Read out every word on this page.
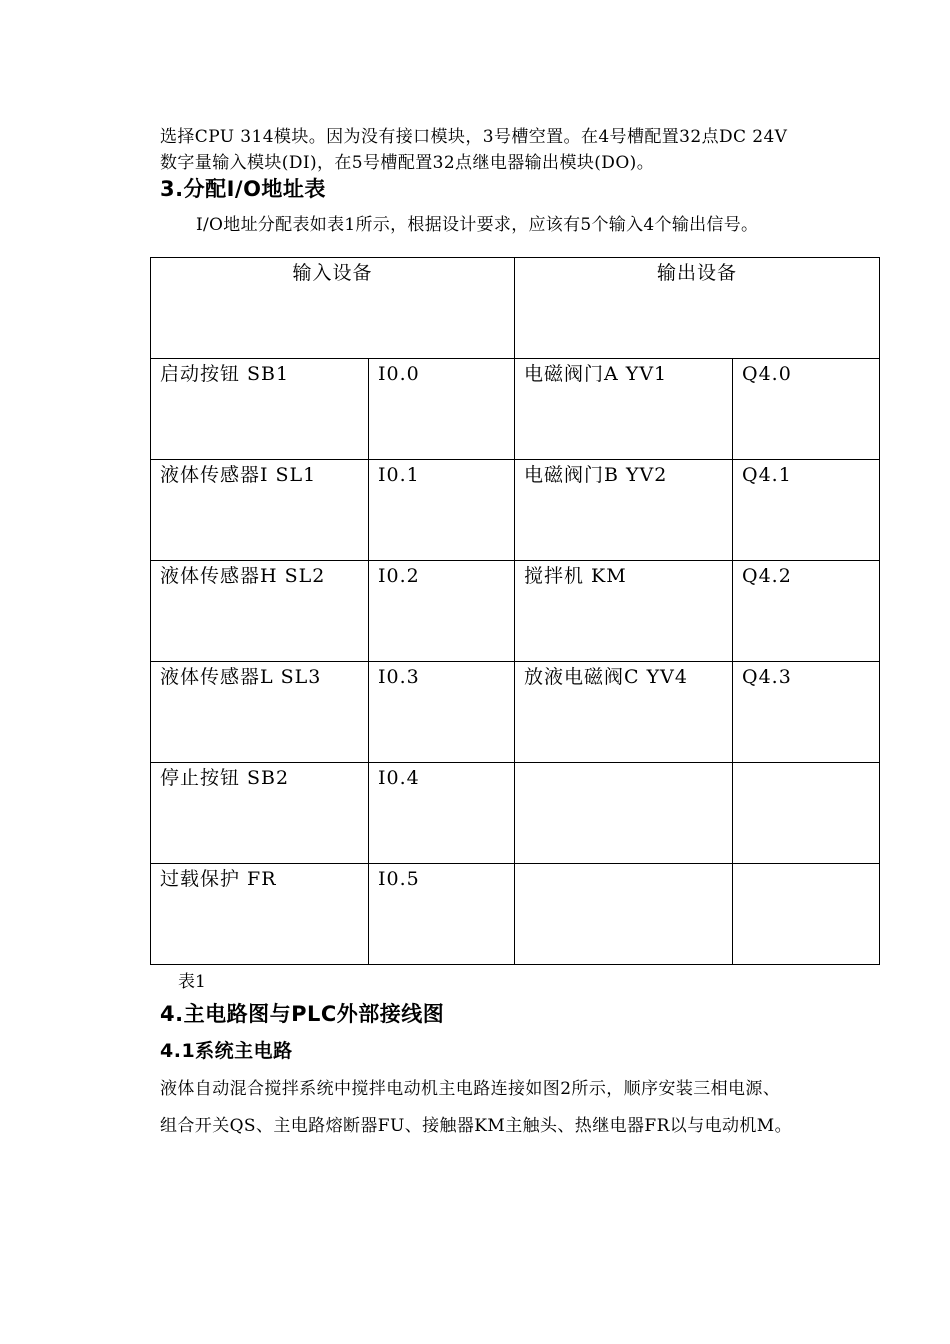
选择CPU 314模块。因为没有接口模块，3号槽空置。在4号槽配置32点DC 24V
数字量输入模块(DI)，在5号槽配置32点继电器输出模块(DO)。
3.分配I/O地址表
I/O地址分配表如表1所示，根据设计要求，应该有5个输入4个输出信号。
输入设备		输出设备	
启动按钮 SB1	I0.0	电磁阀门A YV1	Q4.0
液体传感器I SL1	I0.1	电磁阀门B YV2	Q4.1
液体传感器H SL2	I0.2	搅拌机 KM	Q4.2
液体传感器L SL3	I0.3	放液电磁阀C YV4	Q4.3
停止按钮 SB2	I0.4		
过载保护 FR	I0.5		
表1
4.主电路图与PLC外部接线图
4.1系统主电路
液体自动混合搅拌系统中搅拌电动机主电路连接如图2所示，顺序安装三相电源、
组合开关QS、主电路熔断器FU、接触器KM主触头、热继电器FR以与电动机M。
